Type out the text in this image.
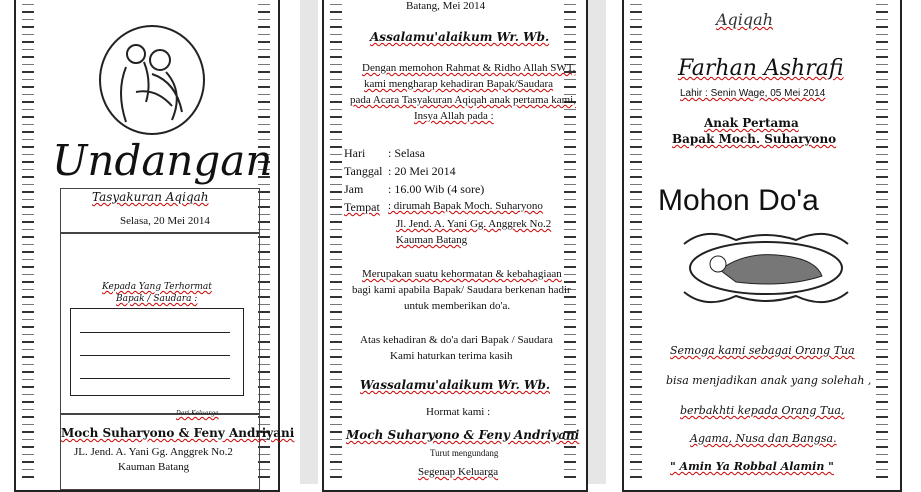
Undangan
Tasyakuran Aqiqah
Selasa, 20 Mei 2014
Kepada Yang Terhormat
Bapak / Saudara :
Dari Keluarga
Moch Suharyono & Feny Andriyani
JL. Jend. A. Yani Gg. Anggrek No.2
Kauman Batang
Batang, Mei 2014
Assalamu'alaikum Wr. Wb.
Dengan memohon Rahmat & Ridho Allah SWT,
kami mengharap kehadiran Bapak/Saudara
pada Acara Tasyakuran Aqiqah anak pertama kami,
Insya Allah pada :
Hari : Selasa
Tanggal : 20 Mei 2014
Jam : 16.00 Wib (4 sore)
Tempat : dirumah Bapak Moch. Suharyono
Jl. Jend. A. Yani Gg. Anggrek No.2
Kauman Batang
Merupakan suatu kehormatan & kebahagiaan
bagi kami apabila Bapak/ Saudara berkenan hadir
untuk memberikan do'a.
Atas kehadiran & do'a dari Bapak / Saudara
Kami haturkan terima kasih
Wassalamu'alaikum Wr. Wb.
Hormat kami :
Moch Suharyono & Feny Andriyani
Turut mengundang
Segenap Keluarga
Aqiqah
Farhan Ashrafi
Lahir : Senin Wage, 05 Mei 2014
Anak Pertama
Bapak Moch. Suharyono
Mohon Do'a
Semoga kami sebagai Orang Tua
bisa menjadikan anak yang solehah ,
berbakhti kepada Orang Tua,
Agama, Nusa dan Bangsa.
" Amin Ya Robbal Alamin "
